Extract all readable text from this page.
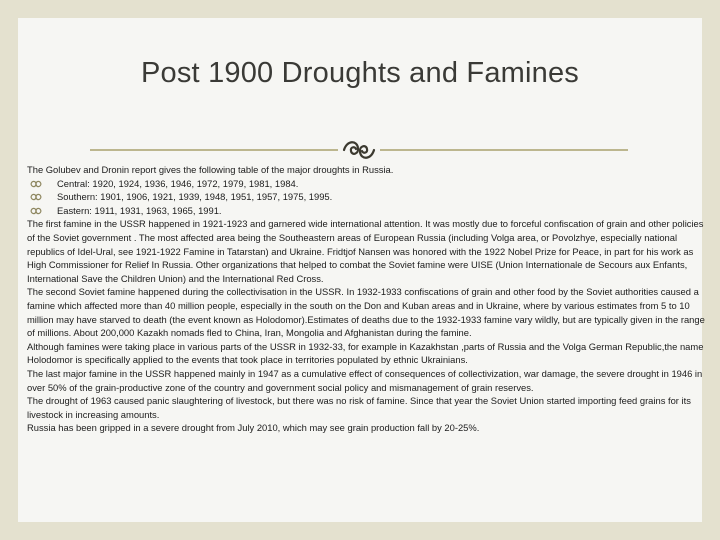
Post 1900 Droughts and Famines

The Golubev and Dronin report gives the following table of the major droughts in Russia.

Central: 1920, 1924, 1936, 1946, 1972, 1979, 1981, 1984.

Southern: 1901, 1906, 1921, 1939, 1948, 1951, 1957, 1975, 1995.

Eastern: 1911, 1931, 1963, 1965, 1991.

The first famine in the USSR happened in 1921-1923 and garnered wide international attention. It was mostly due to forceful confiscation of grain and other policies of the Soviet government . The most affected area being the Southeastern areas of European Russia (including Volga area, or Povolzhye, especially national republics of Idel-Ural, see 1921-1922 Famine in Tatarstan) and Ukraine. Fridtjof Nansen was honored with the 1922 Nobel Prize for Peace, in part for his work as High Commissioner for Relief In Russia. Other organizations that helped to combat the Soviet famine were UISE (Union Internationale de Secours aux Enfants, International Save the Children Union) and the International Red Cross.

The second Soviet famine happened during the collectivisation in the USSR. In 1932-1933 confiscations of grain and other food by the Soviet authorities caused a famine which affected more than 40 million people, especially in the south on the Don and Kuban areas and in Ukraine, where by various estimates from 5 to 10 million may have starved to death (the event known as Holodomor).Estimates of deaths due to the 1932-1933 famine vary wildly, but are typically given in the range of millions. About 200,000 Kazakh nomads fled to China, Iran, Mongolia and Afghanistan during the famine.

Although famines were taking place in various parts of the USSR in 1932-33, for example in Kazakhstan ,parts of Russia and the Volga German Republic,the name Holodomor is specifically applied to the events that took place in territories populated by ethnic Ukrainians.

The last major famine in the USSR happened mainly in 1947 as a cumulative effect of consequences of collectivization, war damage, the severe drought in 1946 in over 50% of the grain-productive zone of the country and government social policy and mismanagement of grain reserves.

The drought of 1963 caused panic slaughtering of livestock, but there was no risk of famine. Since that year the Soviet Union started importing feed grains for its livestock in increasing amounts.

Russia has been gripped in a severe drought from July 2010, which may see grain production fall by 20-25%.
